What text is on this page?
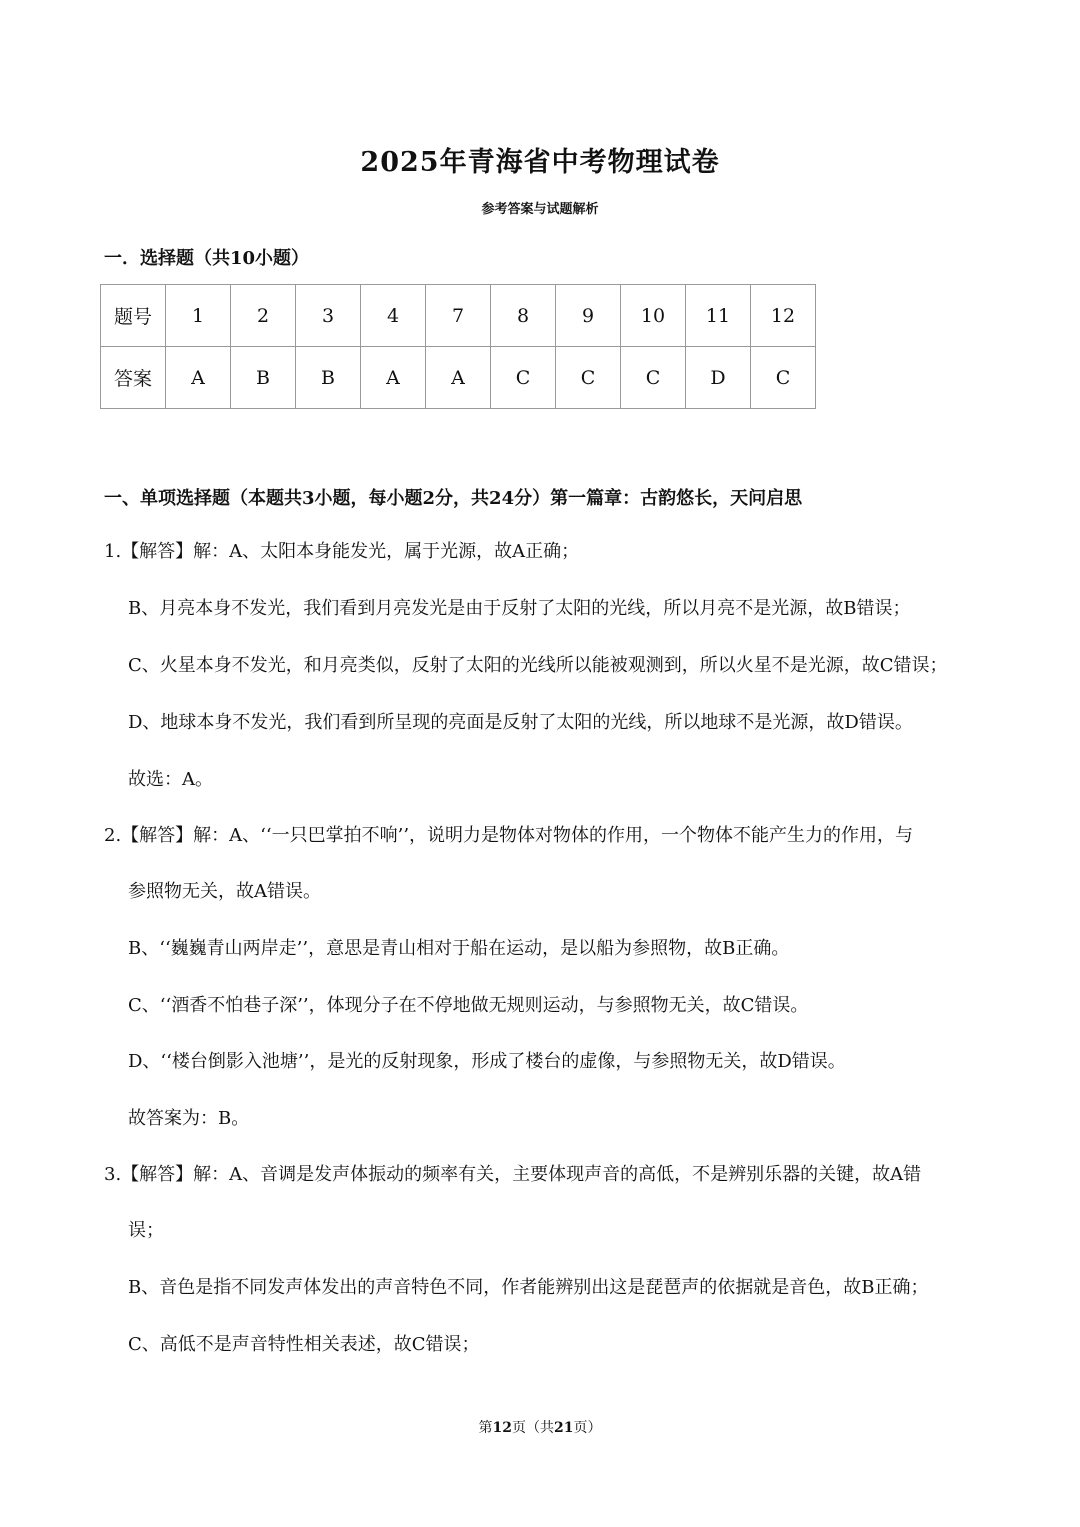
2025年青海省中考物理试卷
参考答案与试题解析
一．选择题（共10小题）
题号	1	2	3	4	7	8	9	10	11	12
答案	A	B	B	A	A	C	C	C	D	C
一、单项选择题（本题共3小题，每小题2分，共24分）第一篇章：古韵悠长，天问启思
1.【解答】解：A、太阳本身能发光，属于光源，故A正确；
B、月亮本身不发光，我们看到月亮发光是由于反射了太阳的光线，所以月亮不是光源，故B错误；
C、火星本身不发光，和月亮类似，反射了太阳的光线所以能被观测到，所以火星不是光源，故C错误；
D、地球本身不发光，我们看到所呈现的亮面是反射了太阳的光线，所以地球不是光源，故D错误。
故选：A。
2.【解答】解：A、‘‘一只巴掌拍不响’’，说明力是物体对物体的作用，一个物体不能产生力的作用，与
参照物无关，故A错误。
B、‘‘巍巍青山两岸走’’，意思是青山相对于船在运动，是以船为参照物，故B正确。
C、‘‘酒香不怕巷子深’’，体现分子在不停地做无规则运动，与参照物无关，故C错误。
D、‘‘楼台倒影入池塘’’，是光的反射现象，形成了楼台的虚像，与参照物无关，故D错误。
故答案为：B。
3.【解答】解：A、音调是发声体振动的频率有关，主要体现声音的高低，不是辨别乐器的关键，故A错
误；
B、音色是指不同发声体发出的声音特色不同，作者能辨别出这是琵琶声的依据就是音色，故B正确；
C、高低不是声音特性相关表述，故C错误；
第12页（共21页）
